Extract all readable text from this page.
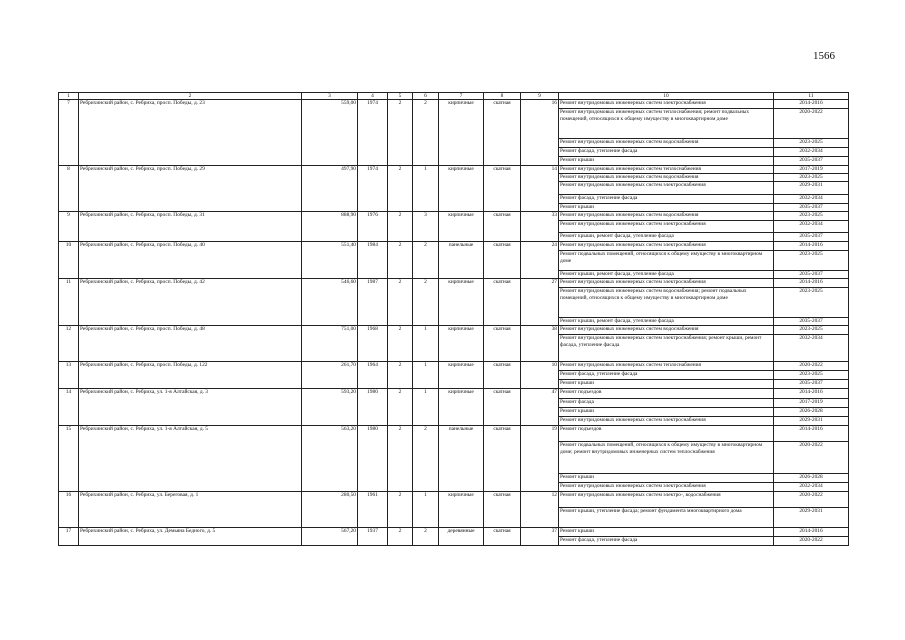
1566
1	2	3	4	5	6	7	8	9	10	11
7	Ребрихинский район, с. Ребриха, просп. Победы, д. 23	559,00	1974	2	2	кирпичные	скатная	16	Ремонт внутридомовых инженерных систем электроснабжения	2014-2016
									Ремонт внутридомовых инженерных систем теплоснабжения; ремонт подвальных помещений, относящихся к общему имуществу в многоквартирном доме	2020-2022
									Ремонт внутридомовых инженерных систем водоснабжения	2023-2025
									Ремонт фасада, утепление фасада	2032-2034
									Ремонт крыши	2035-2037
8	Ребрихинский район, с. Ребриха, просп. Победы, д. 29	497,90	1974	2	1	кирпичные	скатная	14	Ремонт внутридомовых инженерных систем теплоснабжения	2017-2019
									Ремонт внутридомовых инженерных систем водоснабжения	2023-2025
									Ремонт внутридомовых инженерных систем электроснабжения	2029-2031
									Ремонт фасада, утепление фасада	2032-2034
									Ремонт крыши	2035-2037
9	Ребрихинский район, с. Ребриха, просп. Победы, д. 31	888,90	1976	2	3	кирпичные	скатная	33	Ремонт внутридомовых инженерных систем водоснабжения	2023-2025
									Ремонт внутридомовых инженерных систем электроснабжения	2032-2034
									Ремонт крыши, ремонт фасада, утепление фасада	2035-2037
10	Ребрихинский район, с. Ребриха, просп. Победы, д. 40	551,40	1984	2	2	панельные	скатная	24	Ремонт внутридомовых инженерных систем электроснабжения	2014-2016
									Ремонт подвальных помещений, относящихся к общему имуществу в многоквартирном доме	2023-2025
									Ремонт крыши, ремонт фасада, утепление фасада	2035-2037
11	Ребрихинский район, с. Ребриха, просп. Победы, д. 42	546,60	1987	2	2	кирпичные	скатная	27	Ремонт внутридомовых инженерных систем электроснабжения	2014-2016
									Ремонт внутридомовых инженерных систем водоснабжения; ремонт подвальных помещений, относящихся к общему имуществу в многоквартирном доме	2023-2025
									Ремонт крыши, ремонт фасада, утепление фасада	2035-2037
12	Ребрихинский район, с. Ребриха, просп. Победы, д. 48	751,00	1968	2	1	кирпичные	скатная	38	Ремонт внутридомовых инженерных систем водоснабжения	2023-2025
									Ремонт внутридомовых инженерных систем электроснабжения; ремонт крыши, ремонт фасада, утепление фасада	2032-2034
13	Ребрихинский район, с. Ребриха, просп. Победы, д. 122	261,70	1964	2	1	кирпичные	скатная	10	Ремонт внутридомовых инженерных систем теплоснабжения	2020-2022
									Ремонт фасада, утепление фасада	2023-2025
									Ремонт крыши	2035-2037
14	Ребрихинский район, с. Ребриха, ул. 1-я Алтайская, д. 3	593,20	1980	2	1	кирпичные	скатная	47	Ремонт подъездов	2014-2016
									Ремонт фасада	2017-2019
									Ремонт крыши	2026-2028
									Ремонт внутридомовых инженерных систем электроснабжения	2029-2031
15	Ребрихинский район, с. Ребриха, ул. 1-я Алтайская, д. 5	563,20	1980	2	2	панельные	скатная	19	Ремонт подъездов	2014-2016
									Ремонт подвальных помещений, относящихся к общему имуществу в многоквартирном доме; ремонт внутридомовых инженерных систем теплоснабжения	2020-2022
									Ремонт крыши	2026-2028
									Ремонт внутридомовых инженерных систем электроснабжения	2032-2034
16	Ребрихинский район, с. Ребриха, ул. Береговая, д. 1	280,50	1961	2	1	кирпичные	скатная	12	Ремонт внутридомовых инженерных систем электро-, водоснабжения	2020-2022
									Ремонт крыши, утепление фасада; ремонт фундамента многоквартирного дома	2029-2031
17	Ребрихинский район, с. Ребриха, ул. Демьяна Бедного, д. 5	567,20	1937	2	2	деревянные	скатная	37	Ремонт крыши	2014-2016
									Ремонт фасада, утепление фасада	2020-2022
